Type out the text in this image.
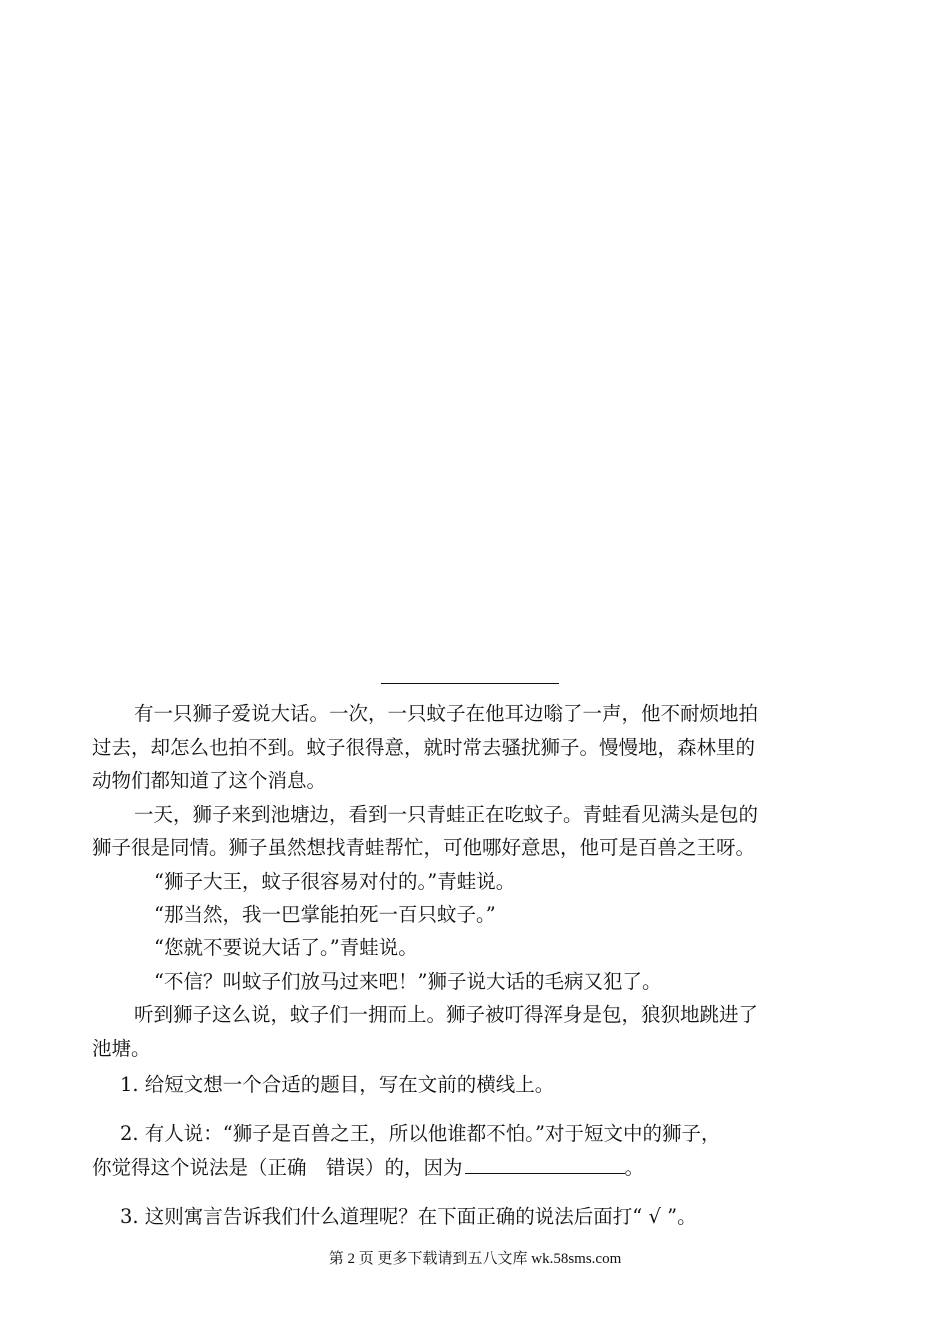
有一只狮子爱说大话。一次，一只蚊子在他耳边嗡了一声，他不耐烦地拍
过去，却怎么也拍不到。蚊子很得意，就时常去骚扰狮子。慢慢地，森林里的
动物们都知道了这个消息。
一天，狮子来到池塘边，看到一只青蛙正在吃蚊子。青蛙看见满头是包的
狮子很是同情。狮子虽然想找青蛙帮忙，可他哪好意思，他可是百兽之王呀。
“狮子大王，蚊子很容易对付的。”青蛙说。
“那当然，我一巴掌能拍死一百只蚊子。”
“您就不要说大话了。”青蛙说。
“不信？叫蚊子们放马过来吧！”狮子说大话的毛病又犯了。
听到狮子这么说，蚊子们一拥而上。狮子被叮得浑身是包，狼狈地跳进了
池塘。
1. 给短文想一个合适的题目，写在文前的横线上。
2. 有人说：“狮子是百兽之王，所以他谁都不怕。”对于短文中的狮子，
你觉得这个说法是（正确　错误）的，因为	。
3. 这则寓言告诉我们什么道理呢？在下面正确的说法后面打“ √ ”。
第 2 页 更多下载请到五八文库 wk.58sms.com
